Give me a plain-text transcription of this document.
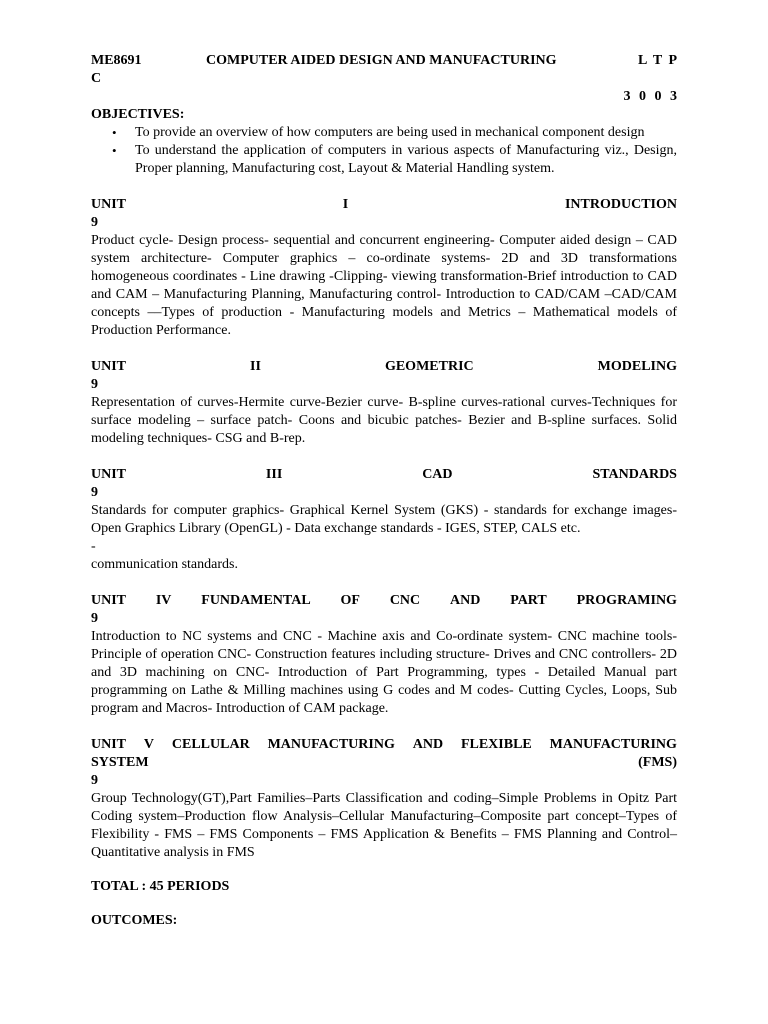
ME8691	COMPUTER AIDED DESIGN AND MANUFACTURING	L T P
C
3 0 0 3
OBJECTIVES:
• To provide an overview of how computers are being used in mechanical component design
• To understand the application of computers in various aspects of Manufacturing viz., Design, Proper planning, Manufacturing cost, Layout & Material Handling system.
UNIT	I	INTRODUCTION
9
Product cycle- Design process- sequential and concurrent engineering- Computer aided design – CAD system architecture- Computer graphics – co-ordinate systems- 2D and 3D transformations homogeneous coordinates - Line drawing -Clipping- viewing transformation-Brief introduction to CAD and CAM – Manufacturing Planning, Manufacturing control- Introduction to CAD/CAM –CAD/CAM concepts ––Types of production - Manufacturing models and Metrics – Mathematical models of Production Performance.
UNIT	II	GEOMETRIC	MODELING
9
Representation of curves-Hermite curve-Bezier curve- B-spline curves-rational curves-Techniques for surface modeling – surface patch- Coons and bicubic patches- Bezier and B-spline surfaces. Solid modeling techniques- CSG and B-rep.
UNIT	III	CAD	STANDARDS
9
Standards for computer graphics- Graphical Kernel System (GKS) - standards for exchange images- Open Graphics Library (OpenGL) - Data exchange standards - IGES, STEP, CALS etc.
-
communication standards.
UNIT IV FUNDAMENTAL OF CNC AND PART PROGRAMING
9
Introduction to NC systems and CNC - Machine axis and Co-ordinate system- CNC machine tools- Principle of operation CNC- Construction features including structure- Drives and CNC controllers- 2D and 3D machining on CNC- Introduction of Part Programming, types - Detailed Manual part programming on Lathe & Milling machines using G codes and M codes- Cutting Cycles, Loops, Sub program and Macros- Introduction of CAM package.
UNIT V CELLULAR MANUFACTURING AND FLEXIBLE MANUFACTURING
SYSTEM	(FMS)
9
Group Technology(GT),Part Families–Parts Classification and coding–Simple Problems in Opitz Part Coding system–Production flow Analysis–Cellular Manufacturing–Composite part concept–Types of Flexibility - FMS – FMS Components – FMS Application & Benefits – FMS Planning and Control– Quantitative analysis in FMS
TOTAL : 45 PERIODS
OUTCOMES:
